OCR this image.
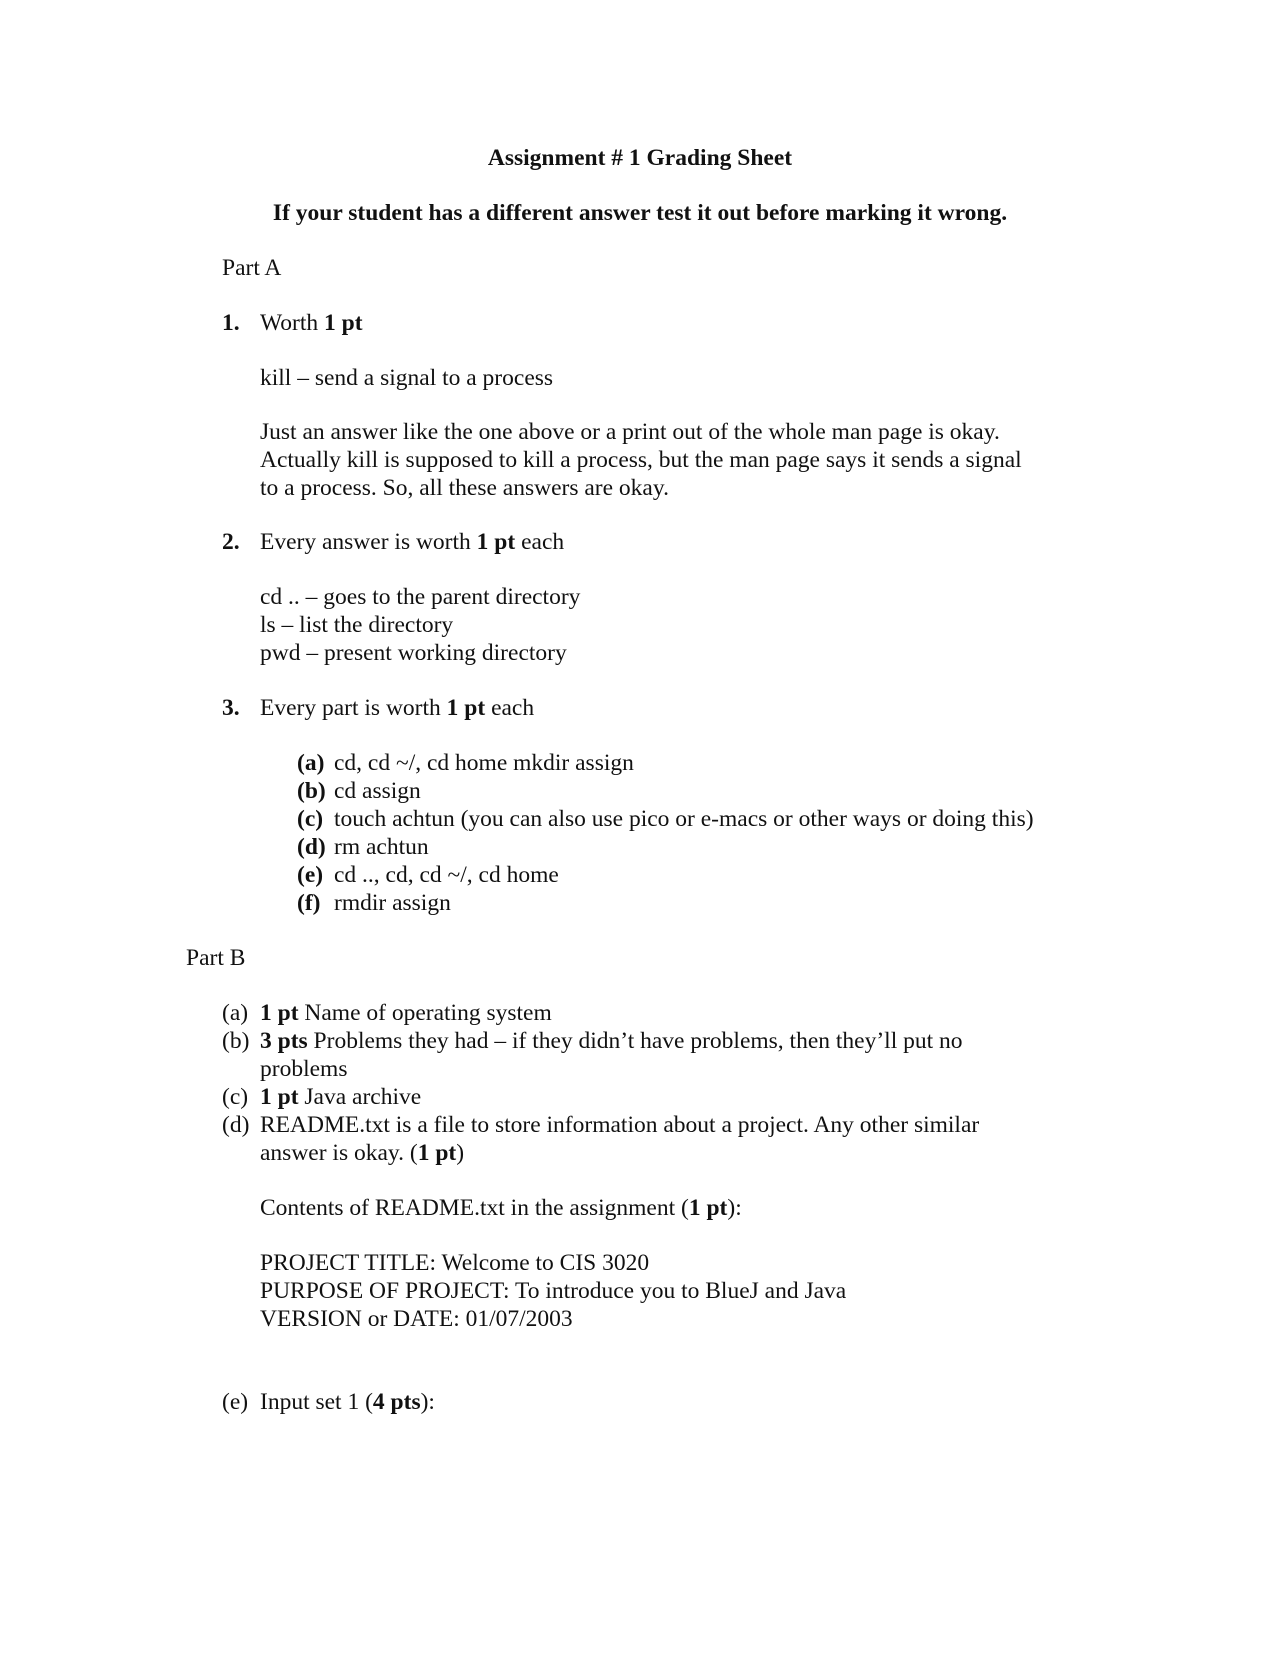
Assignment # 1 Grading Sheet
If your student has a different answer test it out before marking it wrong.
Part A
1. Worth 1 pt
kill – send a signal to a process
Just an answer like the one above or a print out of the whole man page is okay.
Actually kill is supposed to kill a process, but the man page says it sends a signal
to a process. So, all these answers are okay.
2. Every answer is worth 1 pt each
cd .. – goes to the parent directory
ls – list the directory
pwd – present working directory
3. Every part is worth 1 pt each
(a) cd, cd ~/, cd home mkdir assign
(b) cd assign
(c) touch achtun (you can also use pico or e-macs or other ways or doing this)
(d) rm achtun
(e) cd .., cd, cd ~/, cd home
(f) rmdir assign
Part B
(a) 1 pt Name of operating system
(b) 3 pts Problems they had – if they didn’t have problems, then they’ll put no
problems
(c) 1 pt Java archive
(d) README.txt is a file to store information about a project. Any other similar
answer is okay. (1 pt)
Contents of README.txt in the assignment (1 pt):
PROJECT TITLE: Welcome to CIS 3020
PURPOSE OF PROJECT: To introduce you to BlueJ and Java
VERSION or DATE: 01/07/2003
(e) Input set 1 (4 pts):
